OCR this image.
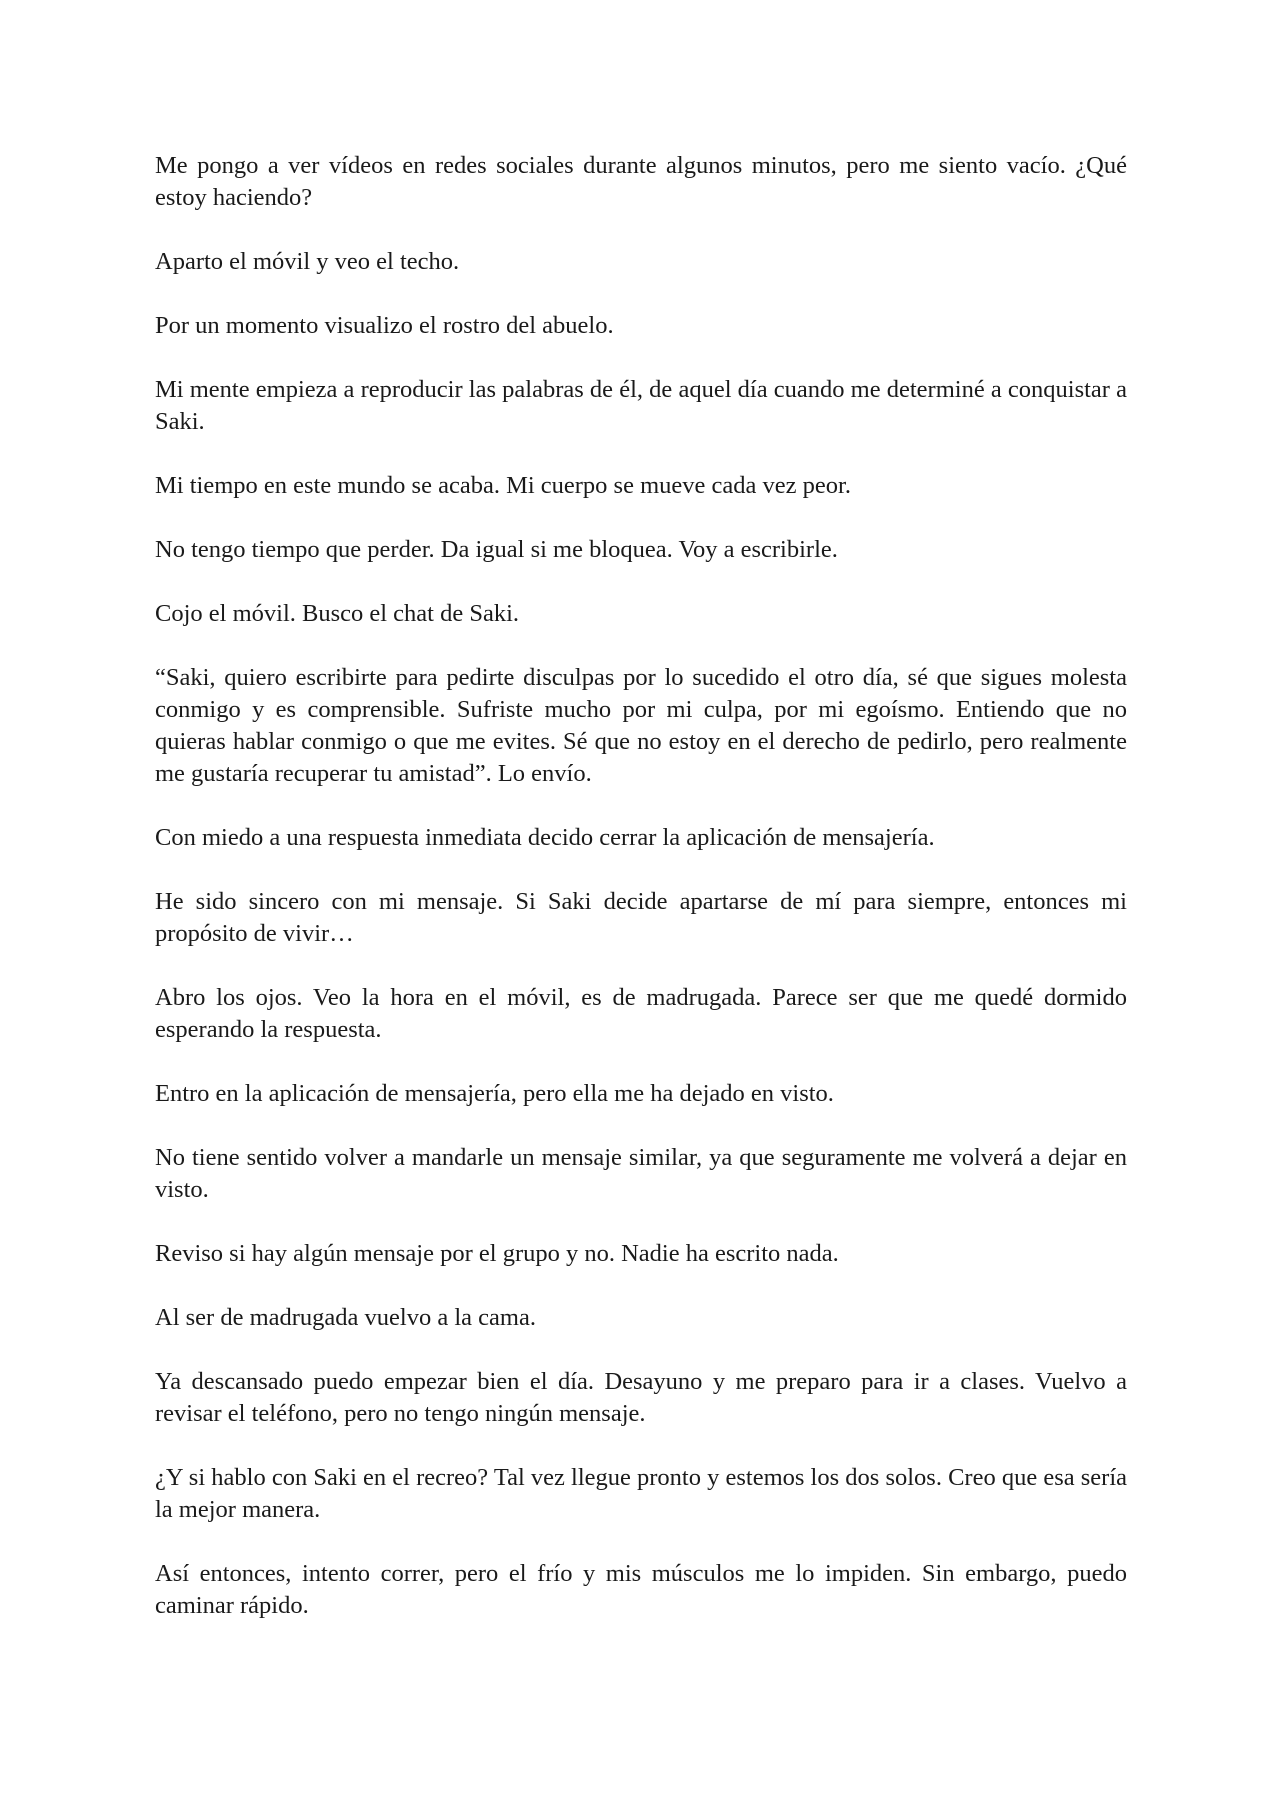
Me pongo a ver vídeos en redes sociales durante algunos minutos, pero me siento vacío. ¿Qué estoy haciendo?

Aparto el móvil y veo el techo.

Por un momento visualizo el rostro del abuelo.

Mi mente empieza a reproducir las palabras de él, de aquel día cuando me determiné a conquistar a Saki.

Mi tiempo en este mundo se acaba. Mi cuerpo se mueve cada vez peor.

No tengo tiempo que perder. Da igual si me bloquea. Voy a escribirle.

Cojo el móvil. Busco el chat de Saki.

“Saki, quiero escribirte para pedirte disculpas por lo sucedido el otro día, sé que sigues molesta conmigo y es comprensible. Sufriste mucho por mi culpa, por mi egoísmo. Entiendo que no quieras hablar conmigo o que me evites. Sé que no estoy en el derecho de pedirlo, pero realmente me gustaría recuperar tu amistad”. Lo envío.

Con miedo a una respuesta inmediata decido cerrar la aplicación de mensajería.

He sido sincero con mi mensaje. Si Saki decide apartarse de mí para siempre, entonces mi propósito de vivir…

Abro los ojos. Veo la hora en el móvil, es de madrugada. Parece ser que me quedé dormido esperando la respuesta.

Entro en la aplicación de mensajería, pero ella me ha dejado en visto.

No tiene sentido volver a mandarle un mensaje similar, ya que seguramente me volverá a dejar en visto.

Reviso si hay algún mensaje por el grupo y no. Nadie ha escrito nada.

Al ser de madrugada vuelvo a la cama.

Ya descansado puedo empezar bien el día. Desayuno y me preparo para ir a clases. Vuelvo a revisar el teléfono, pero no tengo ningún mensaje.

¿Y si hablo con Saki en el recreo? Tal vez llegue pronto y estemos los dos solos. Creo que esa sería la mejor manera.

Así entonces, intento correr, pero el frío y mis músculos me lo impiden. Sin embargo, puedo caminar rápido.
